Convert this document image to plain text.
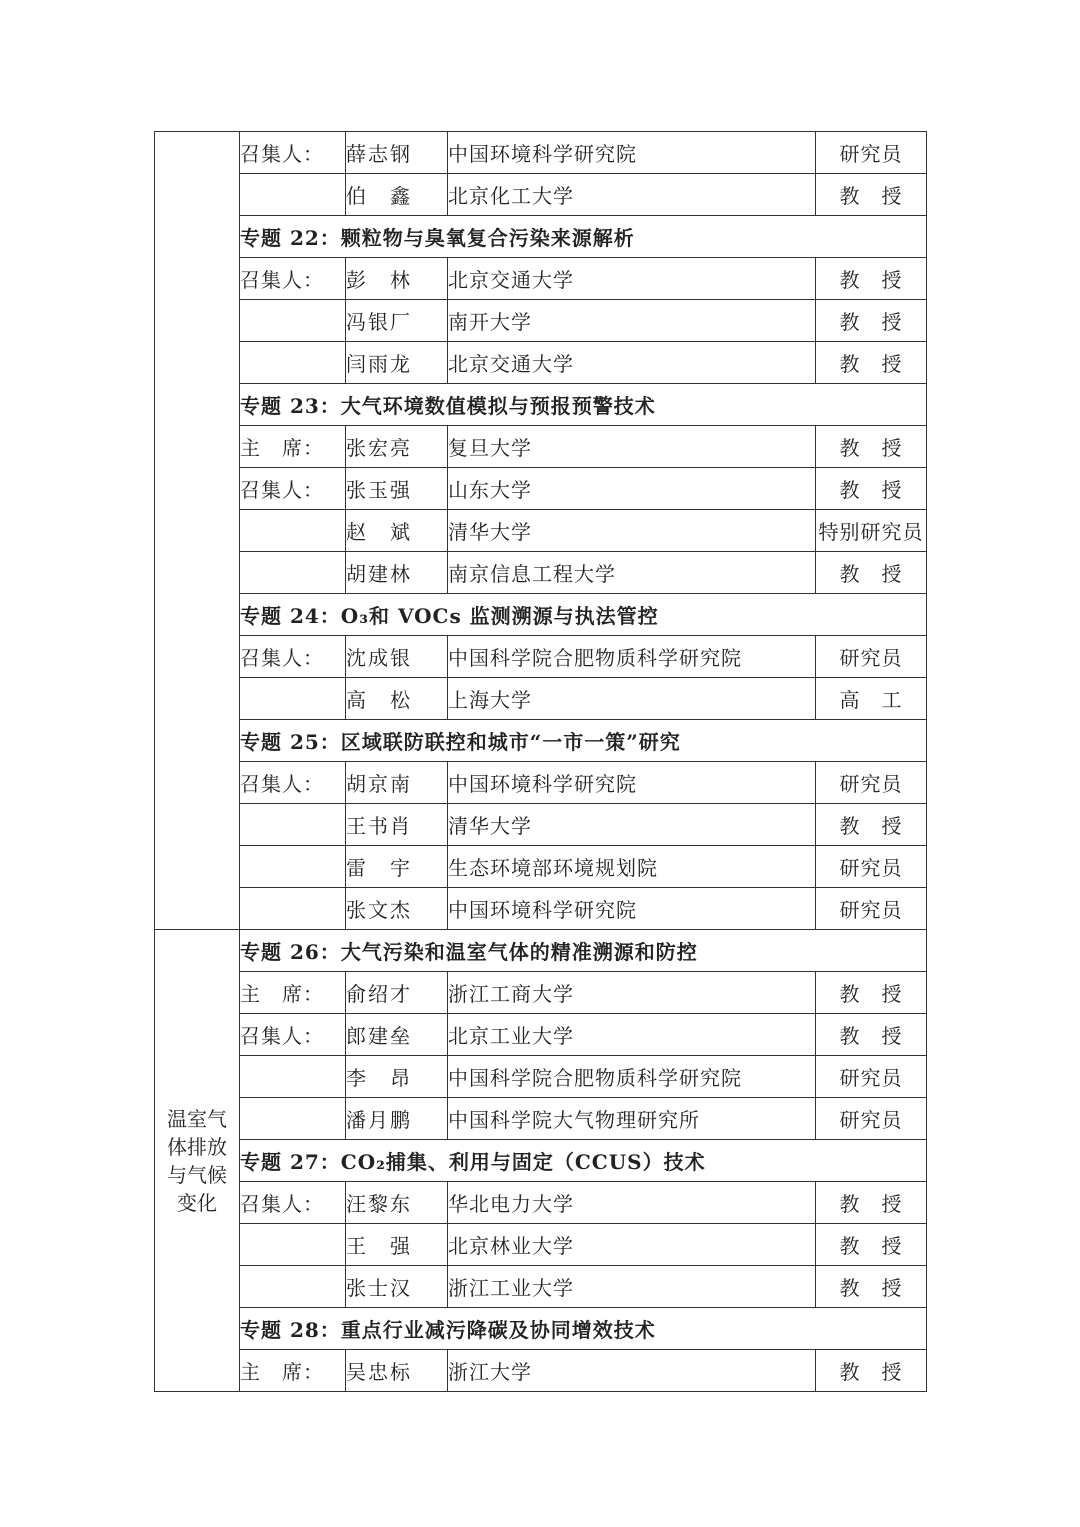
	召集人：	薛志钢	中国环境科学研究院	研究员
		伯　鑫	北京化工大学	教　授
	专题 22：颗粒物与臭氧复合污染来源解析			
	召集人：	彭　林	北京交通大学	教　授
		冯银厂	南开大学	教　授
		闫雨龙	北京交通大学	教　授
	专题 23：大气环境数值模拟与预报预警技术			
	主　席：	张宏亮	复旦大学	教　授
	召集人：	张玉强	山东大学	教　授
		赵　斌	清华大学	特别研究员
		胡建林	南京信息工程大学	教　授
	专题 24：O₃和 VOCs 监测溯源与执法管控			
	召集人：	沈成银	中国科学院合肥物质科学研究院	研究员
		高　松	上海大学	高　工
	专题 25：区域联防联控和城市“一市一策”研究			
	召集人：	胡京南	中国环境科学研究院	研究员
		王书肖	清华大学	教　授
		雷　宇	生态环境部环境规划院	研究员
		张文杰	中国环境科学研究院	研究员
温室气体排放与气候变化	专题 26：大气污染和温室气体的精准溯源和防控			
	主　席：	俞绍才	浙江工商大学	教　授
	召集人：	郎建垒	北京工业大学	教　授
		李　昂	中国科学院合肥物质科学研究院	研究员
		潘月鹏	中国科学院大气物理研究所	研究员
	专题 27：CO₂捕集、利用与固定（CCUS）技术			
	召集人：	汪黎东	华北电力大学	教　授
		王　强	北京林业大学	教　授
		张士汉	浙江工业大学	教　授
	专题 28：重点行业减污降碳及协同增效技术			
	主　席：	吴忠标	浙江大学	教　授
